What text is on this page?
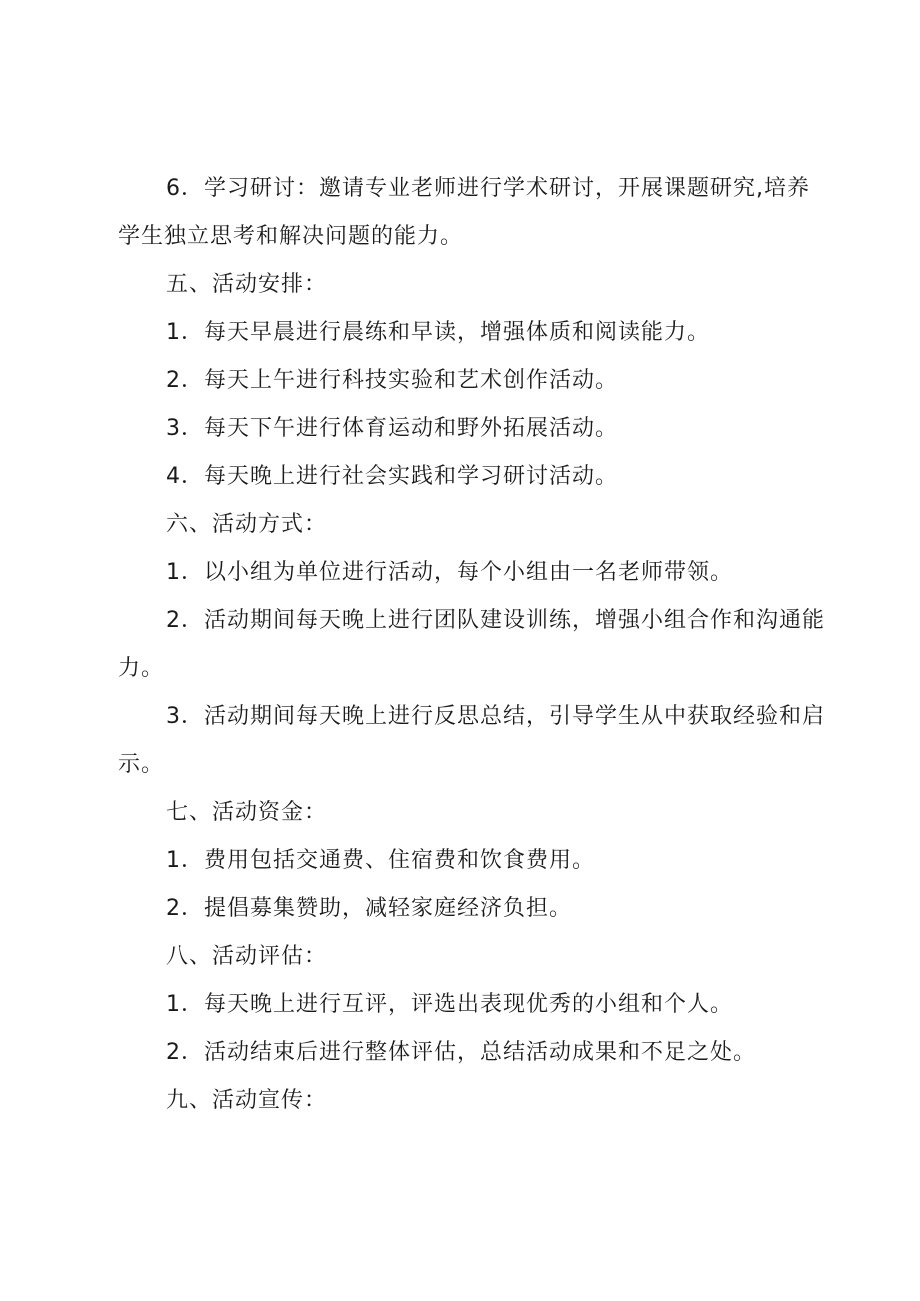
6．学习研讨：邀请专业老师进行学术研讨，开展课题研究,培养学生独立思考和解决问题的能力。

五、活动安排：

1．每天早晨进行晨练和早读，增强体质和阅读能力。

2．每天上午进行科技实验和艺术创作活动。

3．每天下午进行体育运动和野外拓展活动。

4．每天晚上进行社会实践和学习研讨活动。

六、活动方式：

1．以小组为单位进行活动，每个小组由一名老师带领。

2．活动期间每天晚上进行团队建设训练，增强小组合作和沟通能力。

3．活动期间每天晚上进行反思总结，引导学生从中获取经验和启示。

七、活动资金：

1．费用包括交通费、住宿费和饮食费用。

2．提倡募集赞助，减轻家庭经济负担。

八、活动评估：

1．每天晚上进行互评，评选出表现优秀的小组和个人。

2．活动结束后进行整体评估，总结活动成果和不足之处。

九、活动宣传：
